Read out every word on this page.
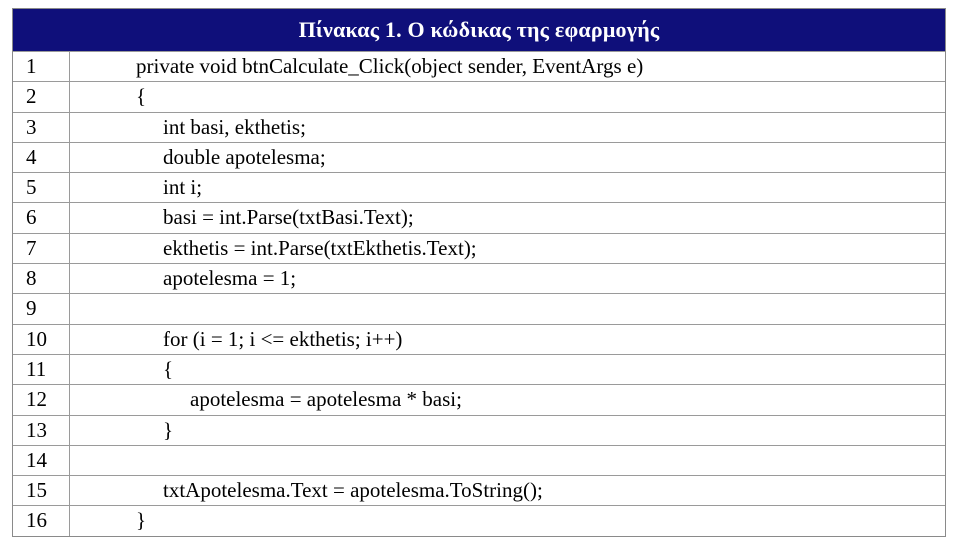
Πίνακας 1. Ο κώδικας της εφαρμογής
1	private void btnCalculate_Click(object sender, EventArgs e)
2	{
3	int basi, ekthetis;
4	double apotelesma;
5	int i;
6	basi = int.Parse(txtBasi.Text);
7	ekthetis = int.Parse(txtEkthetis.Text);
8	apotelesma = 1;
9
10	for (i = 1; i <= ekthetis; i++)
11	{
12	apotelesma = apotelesma * basi;
13	}
14
15	txtApotelesma.Text = apotelesma.ToString();
16	}
